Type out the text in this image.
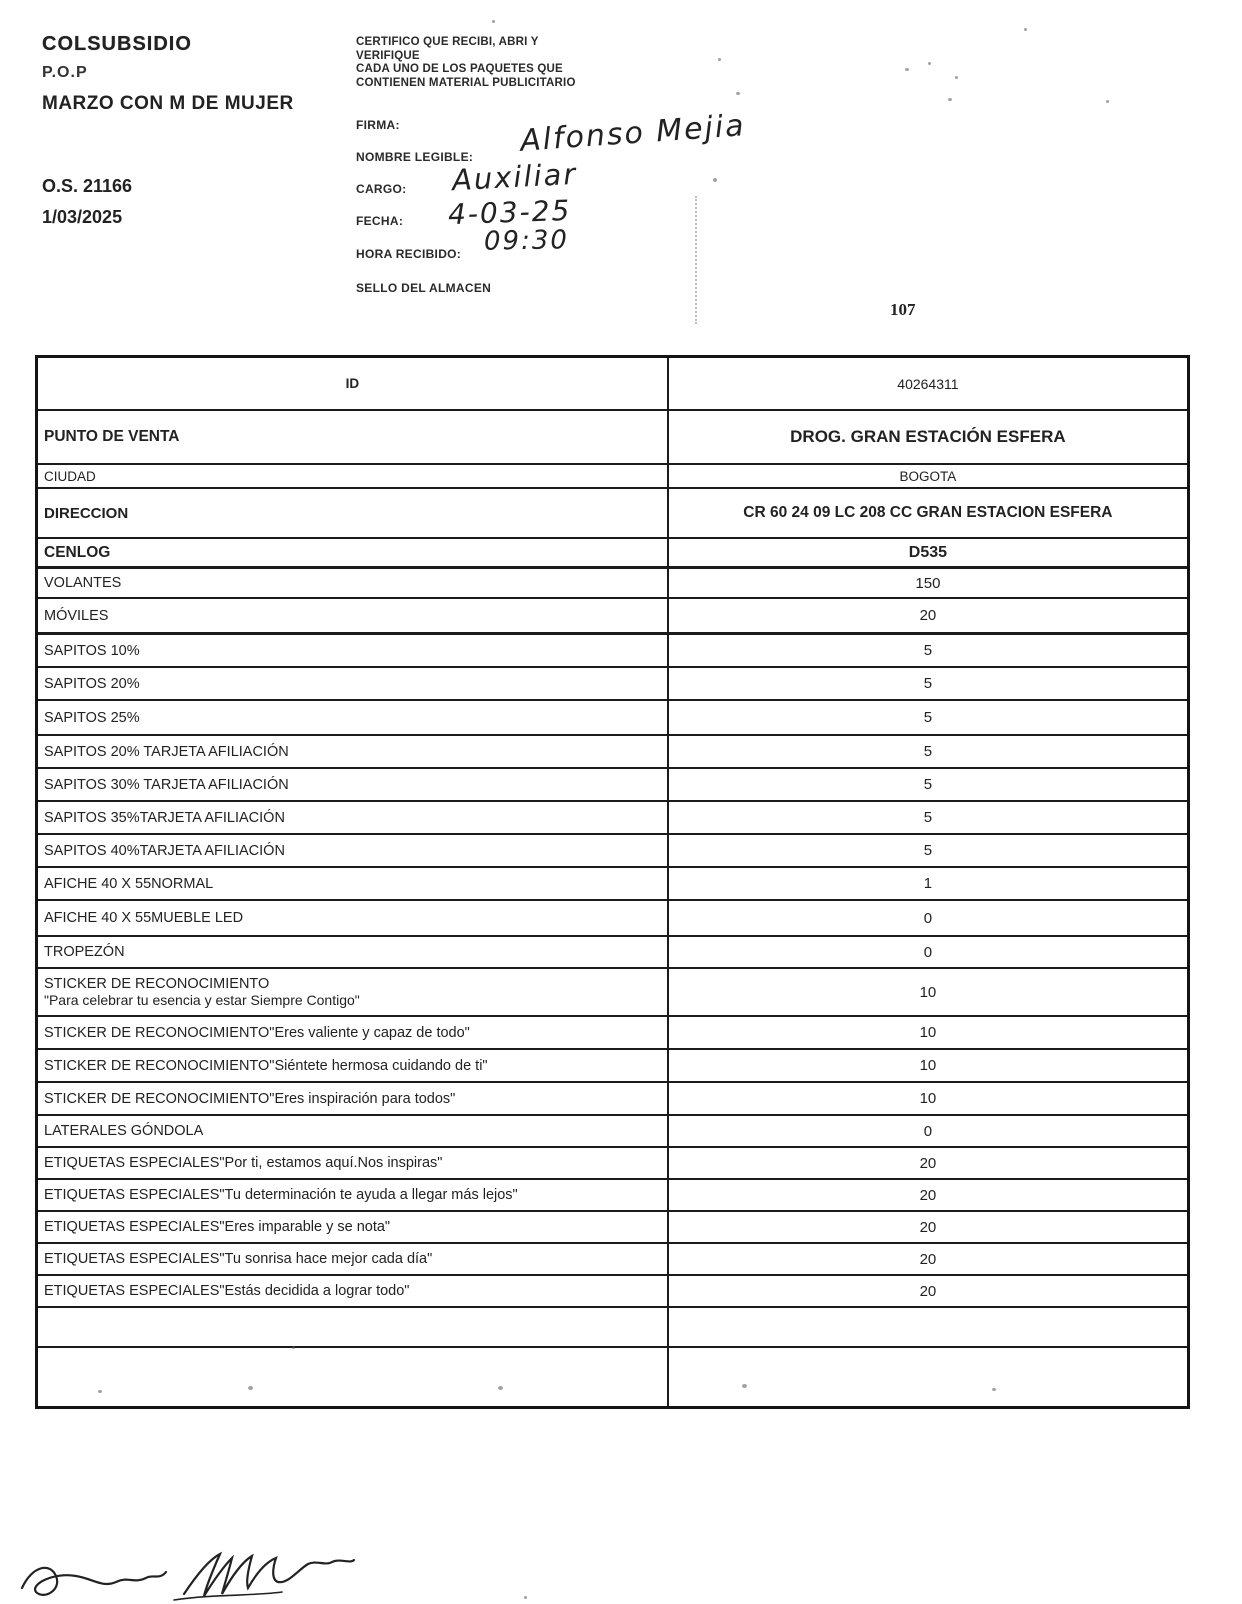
COLSUBSIDIO
P.O.P
MARZO CON M DE MUJER
O.S. 21166
1/03/2025
CERTIFICO QUE RECIBI, ABRI Y
VERIFIQUE
CADA UNO DE LOS PAQUETES QUE
CONTIENEN MATERIAL PUBLICITARIO
FIRMA:
NOMBRE LEGIBLE:
CARGO:
FECHA:
HORA RECIBIDO:
SELLO DEL ALMACEN
Alfonso Mejia
Auxiliar
4-03-25
09:30
107
ID	40264311
PUNTO DE VENTA	DROG. GRAN ESTACIÓN ESFERA
CIUDAD	BOGOTA
DIRECCION	CR 60 24 09 LC 208 CC GRAN ESTACION ESFERA
CENLOG	D535
VOLANTES	150
MÓVILES	20
SAPITOS 10%	5
SAPITOS 20%	5
SAPITOS 25%	5
SAPITOS 20% TARJETA AFILIACIÓN	5
SAPITOS 30% TARJETA AFILIACIÓN	5
SAPITOS 35%TARJETA AFILIACIÓN	5
SAPITOS 40%TARJETA AFILIACIÓN	5
AFICHE 40 X 55NORMAL	1
AFICHE 40 X 55MUEBLE LED	0
TROPEZÓN	0
STICKER DE RECONOCIMIENTO
"Para celebrar tu esencia y estar Siempre Contigo"	10
STICKER DE RECONOCIMIENTO"Eres valiente y capaz de todo"	10
STICKER DE RECONOCIMIENTO"Siéntete hermosa cuidando de ti"	10
STICKER DE RECONOCIMIENTO"Eres inspiración para todos"	10
LATERALES GÓNDOLA	0
ETIQUETAS ESPECIALES"Por ti, estamos aquí.Nos inspiras"	20
ETIQUETAS ESPECIALES"Tu determinación te ayuda a llegar más lejos"	20
ETIQUETAS ESPECIALES"Eres imparable y se nota"	20
ETIQUETAS ESPECIALES"Tu sonrisa hace mejor cada día"	20
ETIQUETAS ESPECIALES"Estás decidida a lograr todo"	20
